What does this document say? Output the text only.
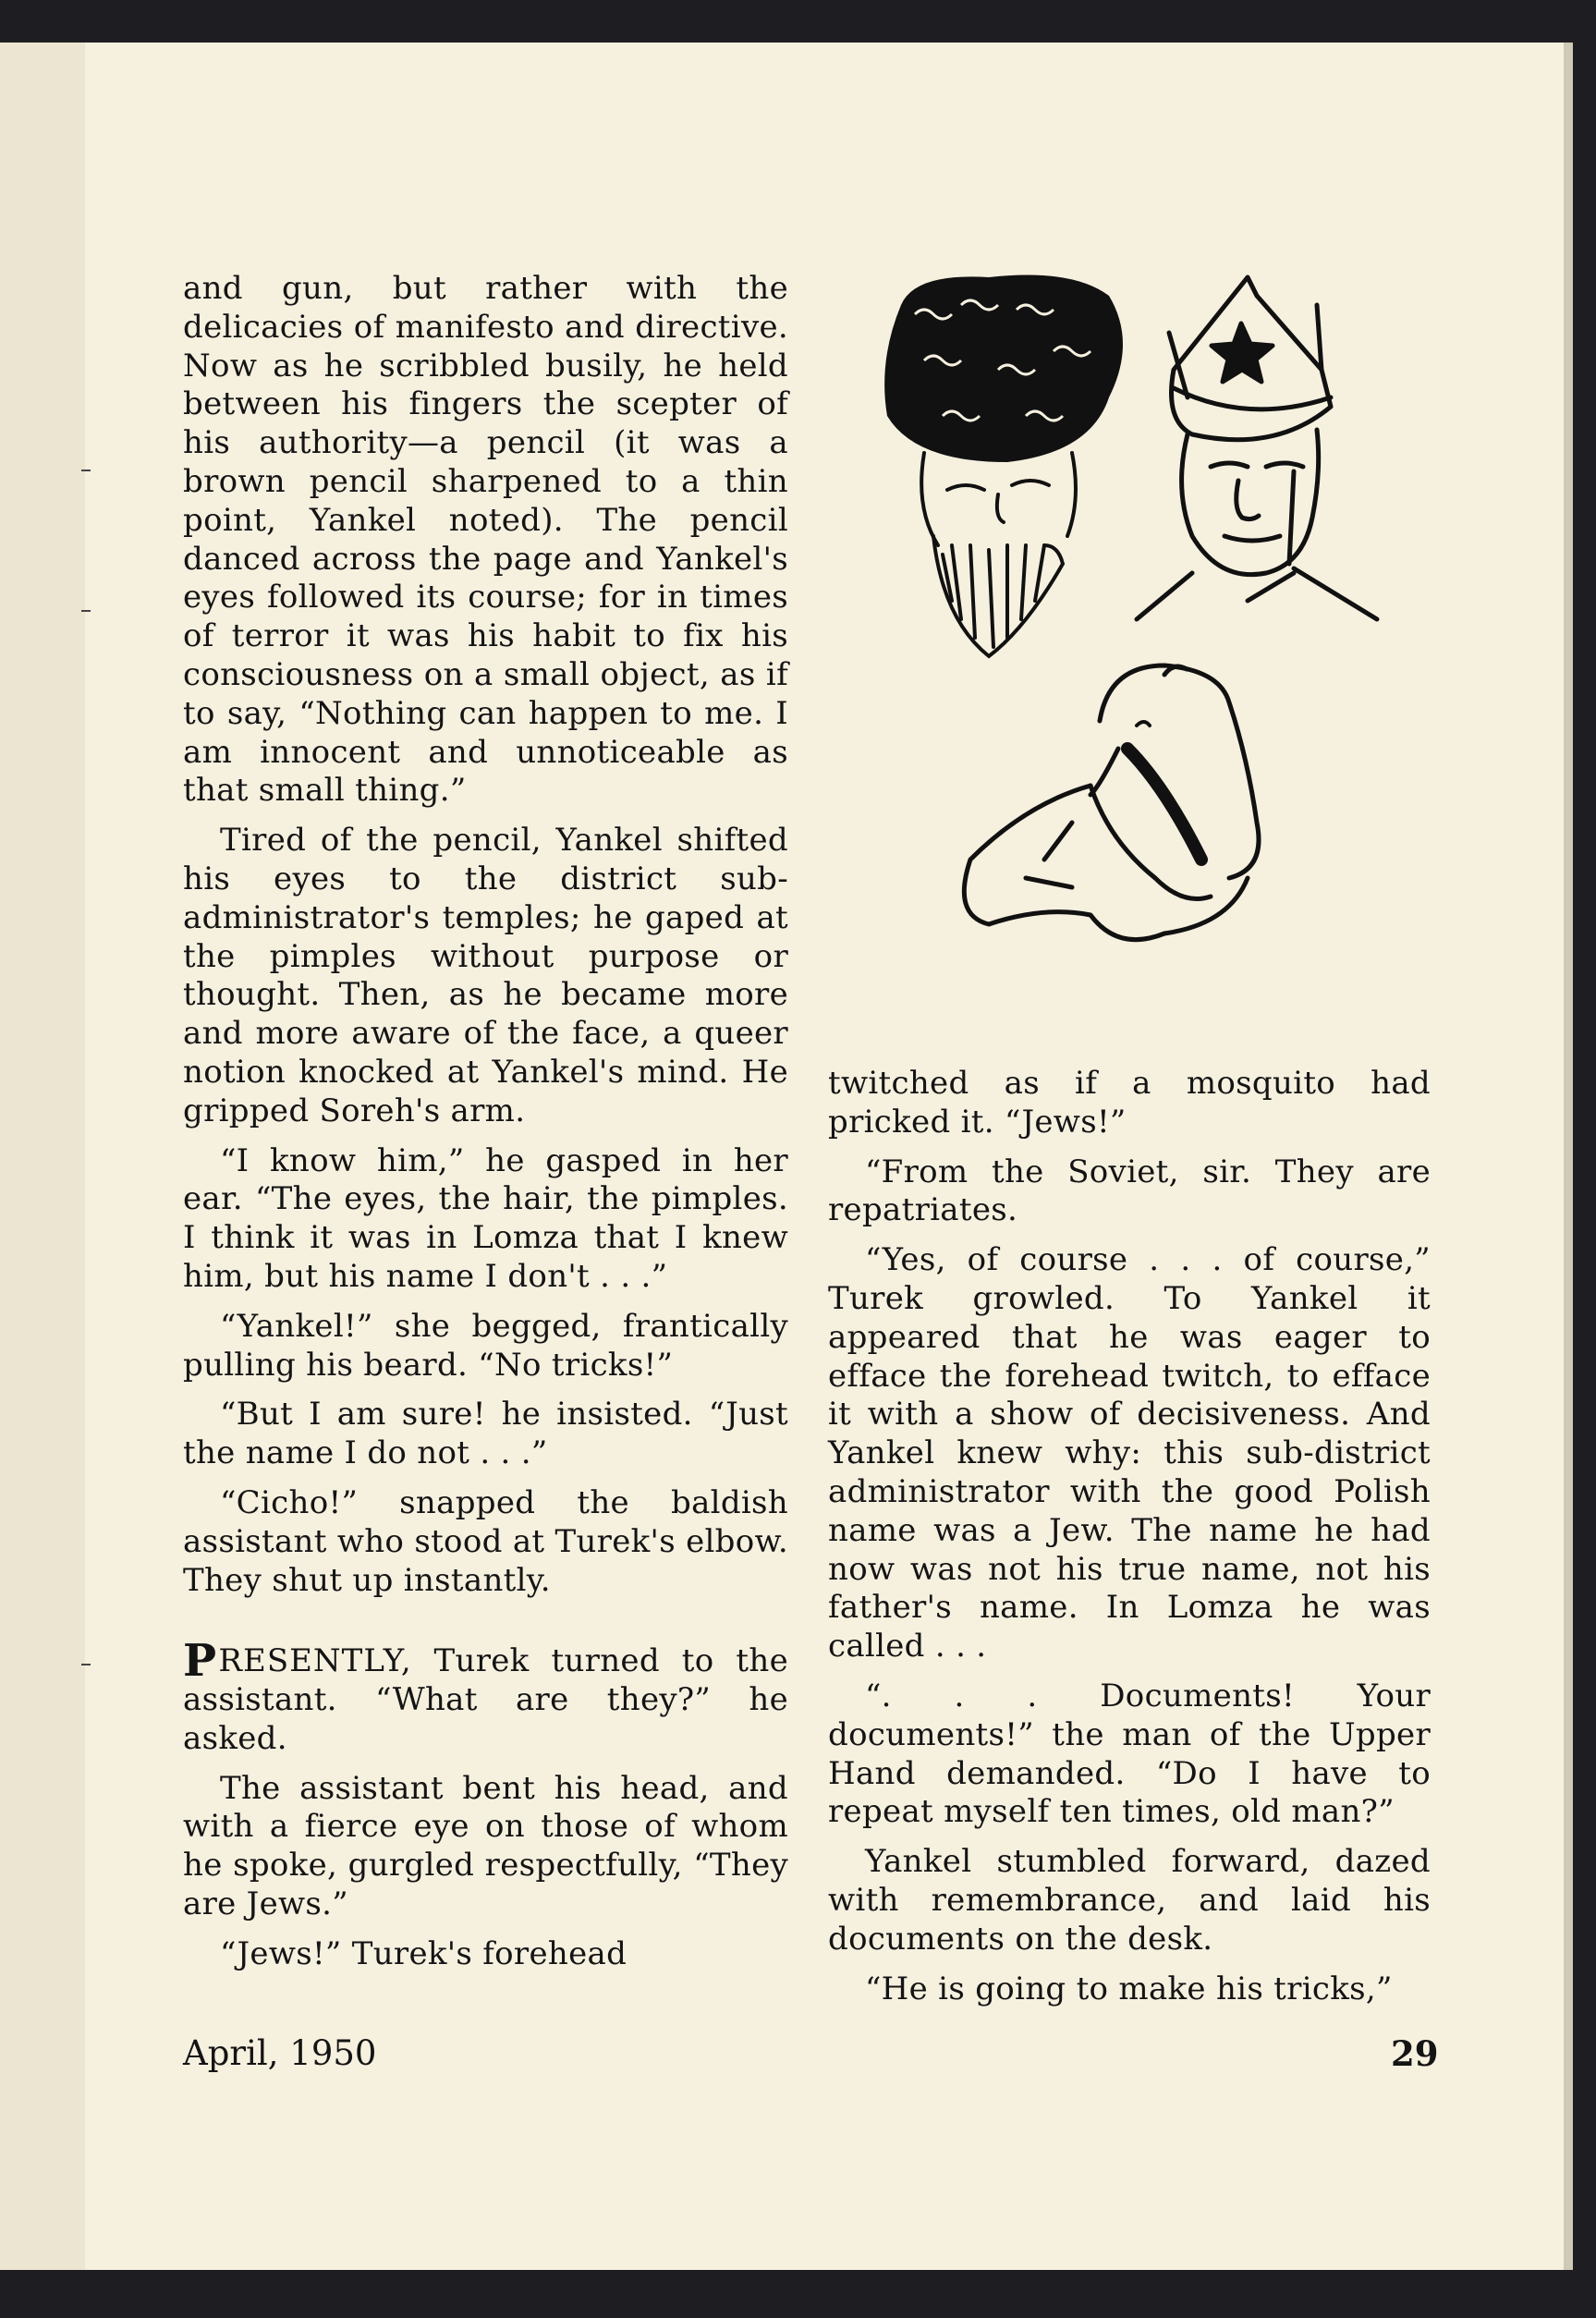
and gun, but rather with the delicacies of manifesto and directive. Now as he scribbled busily, he held between his fingers the scepter of his authority—a pencil (it was a brown pencil sharpened to a thin point, Yankel noted). The pencil danced across the page and Yankel's eyes followed its course; for in times of terror it was his habit to fix his consciousness on a small object, as if to say, “Nothing can happen to me. I am innocent and unnoticeable as that small thing.”

Tired of the pencil, Yankel shifted his eyes to the district sub-administrator's temples; he gaped at the pimples without purpose or thought. Then, as he became more and more aware of the face, a queer notion knocked at Yankel's mind. He gripped Soreh's arm.

“I know him,” he gasped in her ear. “The eyes, the hair, the pimples. I think it was in Lomza that I knew him, but his name I don't . . .”

“Yankel!” she begged, frantically pulling his beard. “No tricks!”

“But I am sure! he insisted. “Just the name I do not . . .”

“Cicho!” snapped the baldish assistant who stood at Turek's elbow. They shut up instantly.

P RESENTLY, Turek turned to the assistant. “What are they?” he asked.

The assistant bent his head, and with a fierce eye on those of whom he spoke, gurgled respectfully, “They are Jews.”

“Jews!” Turek's forehead

twitched as if a mosquito had pricked it. “Jews!”

“From the Soviet, sir. They are repatriates.

“Yes, of course . . . of course,” Turek growled. To Yankel it appeared that he was eager to efface the forehead twitch, to efface it with a show of decisiveness. And Yankel knew why: this sub-district administrator with the good Polish name was a Jew. The name he had now was not his true name, not his father's name. In Lomza he was called . . .

“. . . Documents! Your documents!” the man of the Upper Hand demanded. “Do I have to repeat myself ten times, old man?”

Yankel stumbled forward, dazed with remembrance, and laid his documents on the desk.

“He is going to make his tricks,”

April, 1950	29
